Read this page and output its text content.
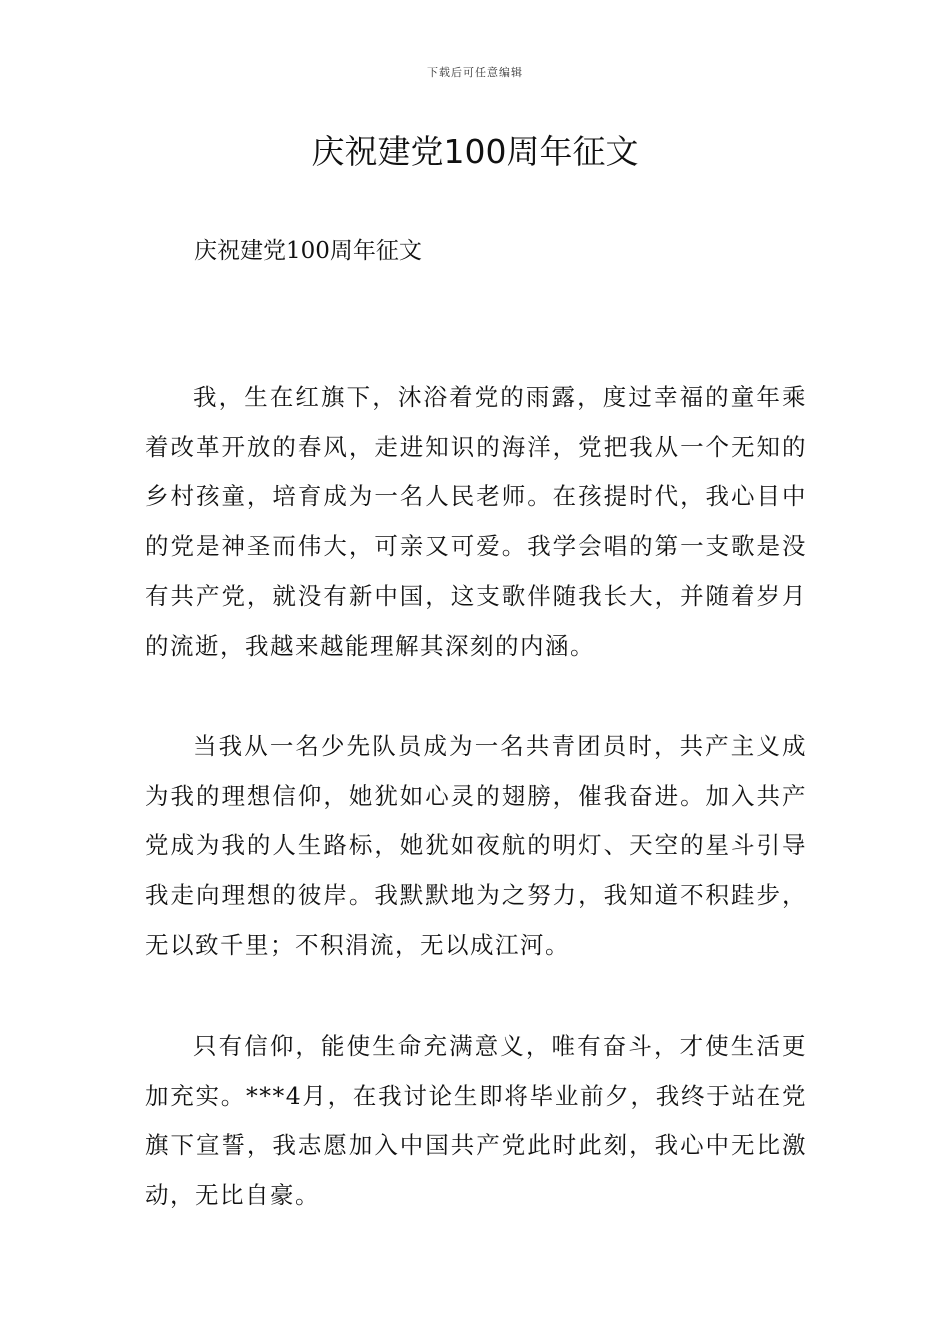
下载后可任意编辑
庆祝建党100周年征文

庆祝建党100周年征文

我，生在红旗下，沐浴着党的雨露，度过幸福的童年乘着改革开放的春风，走进知识的海洋，党把我从一个无知的乡村孩童，培育成为一名人民老师。在孩提时代，我心目中的党是神圣而伟大，可亲又可爱。我学会唱的第一支歌是没有共产党，就没有新中国，这支歌伴随我长大，并随着岁月的流逝，我越来越能理解其深刻的内涵。

当我从一名少先队员成为一名共青团员时，共产主义成为我的理想信仰，她犹如心灵的翅膀，催我奋进。加入共产党成为我的人生路标，她犹如夜航的明灯、天空的星斗引导我走向理想的彼岸。我默默地为之努力，我知道不积跬步，无以致千里；不积涓流，无以成江河。

只有信仰，能使生命充满意义，唯有奋斗，才使生活更加充实。***4月，在我讨论生即将毕业前夕，我终于站在党旗下宣誓，我志愿加入中国共产党此时此刻，我心中无比激动，无比自豪。
